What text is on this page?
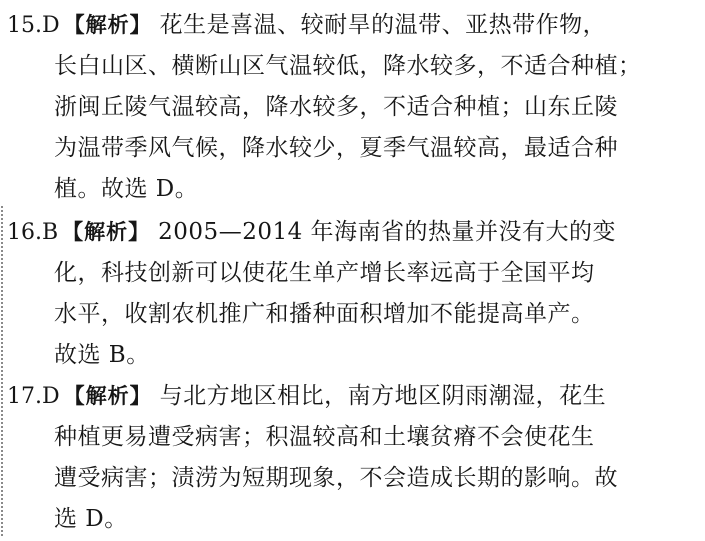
15.D 【解析】 花生是喜温、较耐旱的温带、亚热带作物，
长白山区、横断山区气温较低，降水较多，不适合种植；
浙闽丘陵气温较高，降水较多，不适合种植；山东丘陵
为温带季风气候，降水较少，夏季气温较高，最适合种
植。故选 D。
16.B 【解析】 2005—2014 年海南省的热量并没有大的变
化，科技创新可以使花生单产增长率远高于全国平均
水平，收割农机推广和播种面积增加不能提高单产。
故选 B。
17.D 【解析】 与北方地区相比，南方地区阴雨潮湿，花生
种植更易遭受病害；积温较高和土壤贫瘠不会使花生
遭受病害；渍涝为短期现象，不会造成长期的影响。故
选 D。
